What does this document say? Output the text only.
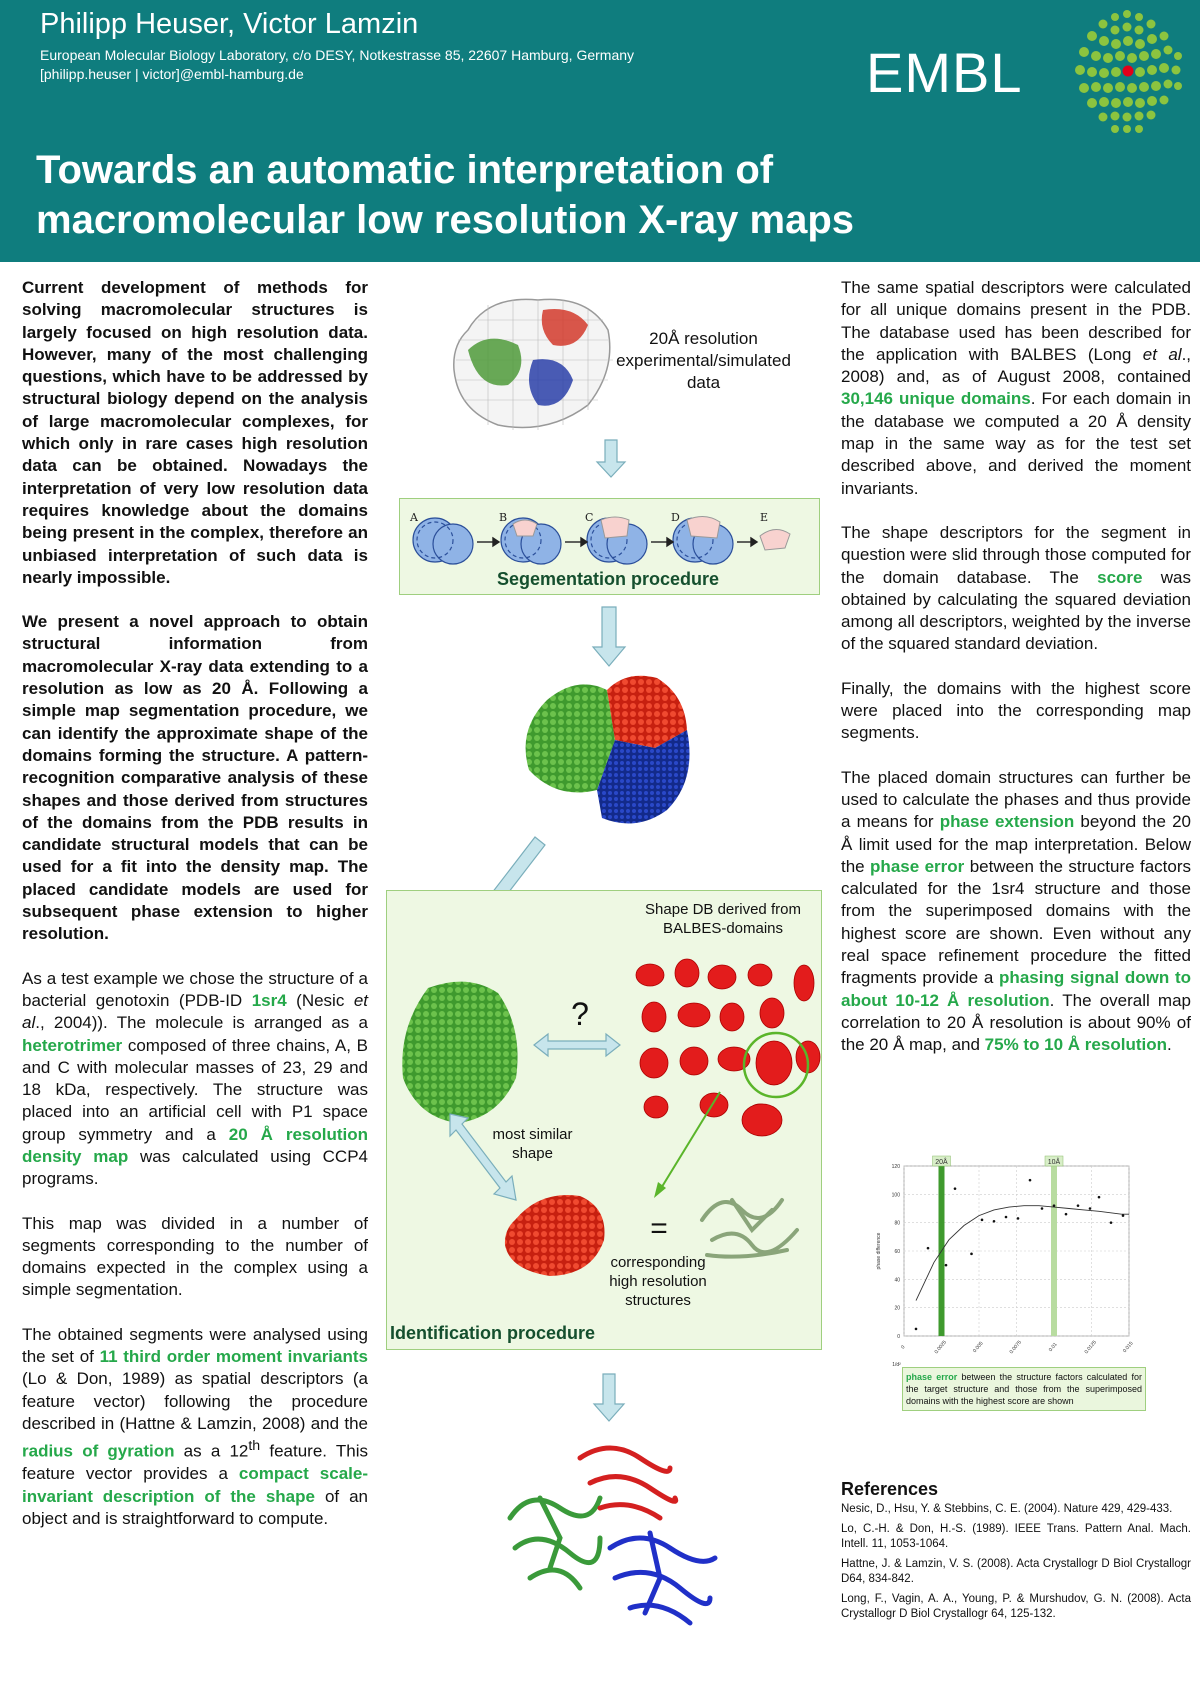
Philipp Heuser, Victor Lamzin
European Molecular Biology Laboratory, c/o DESY, Notkestrasse 85, 22607 Hamburg, Germany
[philipp.heuser | victor]@embl-hamburg.de	EMBL
Towards an automatic interpretation of
macromolecular low resolution X-ray maps

Current development of methods for solving macromolecular structures is largely focused on high resolution data. However, many of the most challenging questions, which have to be addressed by structural biology depend on the analysis of large macromolecular complexes, for which only in rare cases high resolution data can be obtained. Nowadays the interpretation of very low resolution data requires knowledge about the domains being present in the complex, therefore an unbiased interpretation of such data is nearly impossible.

We present a novel approach to obtain structural information from macromolecular X-ray data extending to a resolution as low as 20 Å. Following a simple map segmentation procedure, we can identify the approximate shape of the domains forming the structure. A pattern-recognition comparative analysis of these shapes and those derived from structures of the domains from the PDB results in candidate structural models that can be used for a fit into the density map. The placed candidate models are used for subsequent phase extension to higher resolution.

As a test example we chose the structure of a bacterial genotoxin (PDB-ID 1sr4 (Nesic et al., 2004)). The molecule is arranged as a heterotrimer composed of three chains, A, B and C with molecular masses of 23, 29 and 18 kDa, respectively. The structure was placed into an artificial cell with P1 space group symmetry and a 20 Å resolution density map was calculated using CCP4 programs.

This map was divided in a number of segments corresponding to the number of domains expected in the complex using a simple segmentation.

The obtained segments were analysed using the set of 11 third order moment invariants (Lo & Don, 1989) as spatial descriptors (a feature vector) following the procedure described in (Hattne & Lamzin, 2008) and the radius of gyration as a 12th feature. This feature vector provides a compact scale-invariant description of the shape of an object and is straightforward to compute.

20Å resolution experimental/simulated data
A	B	C	D	E
Segementation procedure
Shape DB derived from BALBES-domains
?
most similar shape
=
corresponding high resolution structures
Identification procedure

The same spatial descriptors were calculated for all unique domains present in the PDB. The database used has been described for the application with BALBES (Long et al., 2008) and, as of August 2008, contained 30,146 unique domains. For each domain in the database we computed a 20 Å density map in the same way as for the test set described above, and derived the moment invariants.

The shape descriptors for the segment in question were slid through those computed for the domain database. The score was obtained by calculating the squared deviation among all descriptors, weighted by the inverse of the squared standard deviation.

Finally, the domains with the highest score were placed into the corresponding map segments.

The placed domain structures can further be used to calculate the phases and thus provide a means for phase extension beyond the 20 Å limit used for the map interpretation. Below the phase error between the structure factors calculated for the 1sr4 structure and those from the superimposed domains with the highest score are shown. Even without any real space refinement procedure the fitted fragments provide a phasing signal down to about 10-12 Å resolution. The overall map correlation to 20 Å resolution is about 90% of the 20 Å map, and 75% to 10 Å resolution.

0	0.0025	0.005	0.0075	0.01	0.0125	0.015
0
20
40
60
80
100
120
20Å	10Å
phase difference
1/d²
phase error between the structure factors calculated for the target structure and those from the superimposed domains with the highest score are shown
References
Nesic, D., Hsu, Y. & Stebbins, C. E. (2004). Nature 429, 429-433.
Lo, C.-H. & Don, H.-S. (1989). IEEE Trans. Pattern Anal. Mach. Intell. 11, 1053-1064.
Hattne, J. & Lamzin, V. S. (2008). Acta Crystallogr D Biol Crystallogr D64, 834-842.
Long, F., Vagin, A. A., Young, P. & Murshudov, G. N. (2008). Acta Crystallogr D Biol Crystallogr 64, 125-132.
